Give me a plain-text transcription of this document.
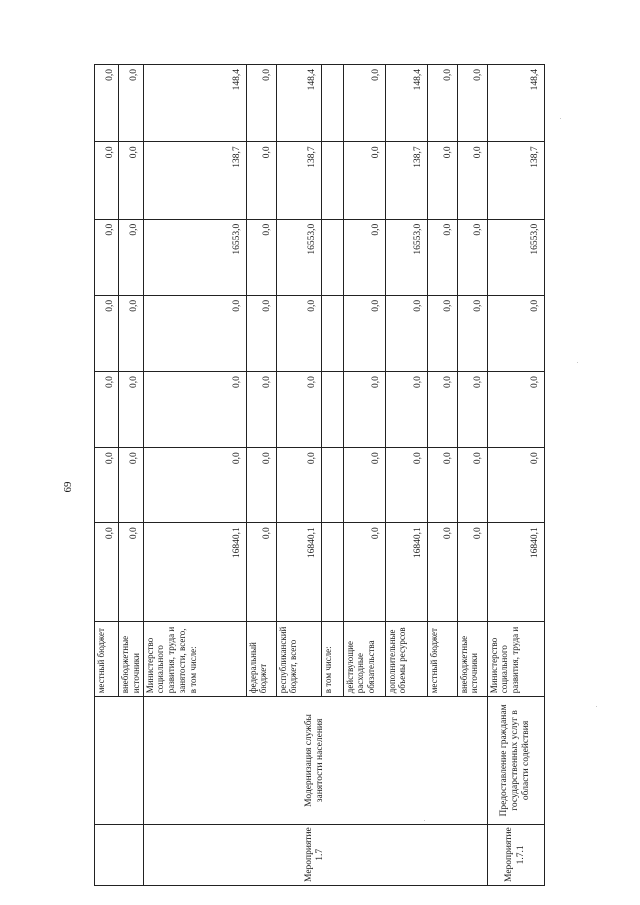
69
		местный бюджет	0,0	0,0	0,0	0,0	0,0	0,0	0,0
		внебюджетные источники	0,0	0,0	0,0	0,0	0,0	0,0	0,0
Мероприятие 1.7	Модернизация службы занятости населения	Министерство социального развития, труда и занятости, всего, в том числе:	16840,1	0,0	0,0	0,0	16553,0	138,7	148,4
		федеральный бюджет	0,0	0,0	0,0	0,0	0,0	0,0	0,0
		республиканский бюджет, всего	16840,1	0,0	0,0	0,0	16553,0	138,7	148,4
		в том числе:							
		действующие расходные обязательства	0,0	0,0	0,0	0,0	0,0	0,0	0,0
		дополнительные объемы ресурсов	16840,1	0,0	0,0	0,0	16553,0	138,7	148,4
		местный бюджет	0,0	0,0	0,0	0,0	0,0	0,0	0,0
		внебюджетные источники	0,0	0,0	0,0	0,0	0,0	0,0	0,0
Мероприятие 1.7.1	Предоставление гражданам государственных услуг в области содействия	Министерство социального развития, труда и	16840,1	0,0	0,0	0,0	16553,0	138,7	148,4
